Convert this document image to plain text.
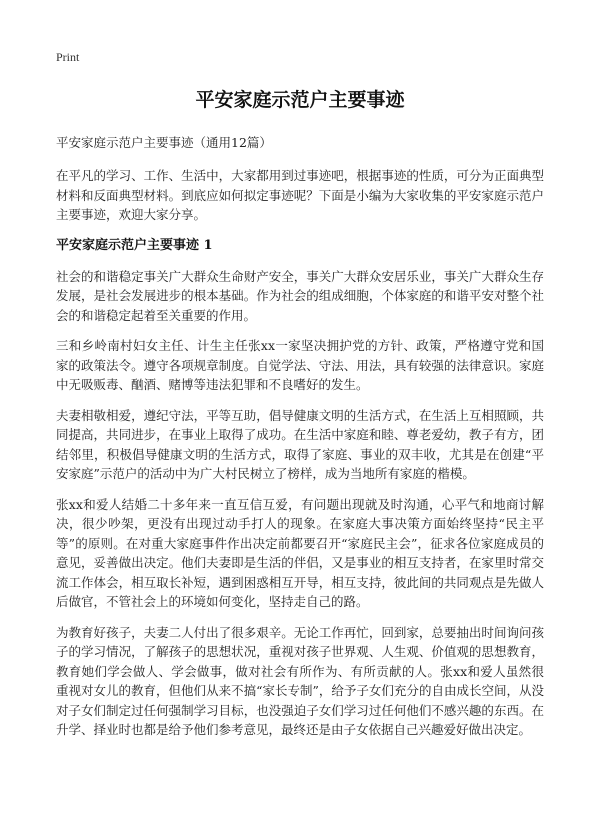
Print
平安家庭示范户主要事迹
平安家庭示范户主要事迹（通用12篇）

在平凡的学习、工作、生活中，大家都用到过事迹吧，根据事迹的性质，可分为正面典型材料和反面典型材料。到底应如何拟定事迹呢？下面是小编为大家收集的平安家庭示范户主要事迹，欢迎大家分享。

平安家庭示范户主要事迹 1

社会的和谐稳定事关广大群众生命财产安全，事关广大群众安居乐业，事关广大群众生存发展，是社会发展进步的根本基础。作为社会的组成细胞，个体家庭的和谐平安对整个社会的和谐稳定起着至关重要的作用。

三和乡岭南村妇女主任、计生主任张xx一家坚决拥护党的方针、政策，严格遵守党和国家的政策法令。遵守各项规章制度。自觉学法、守法、用法，具有较强的法律意识。家庭中无吸贩毒、酗酒、赌博等违法犯罪和不良嗜好的发生。

夫妻相敬相爱，遵纪守法，平等互助，倡导健康文明的生活方式，在生活上互相照顾，共同提高，共同进步，在事业上取得了成功。在生活中家庭和睦、尊老爱幼，教子有方，团结邻里，积极倡导健康文明的生活方式，取得了家庭、事业的双丰收，尤其是在创建“平安家庭”示范户的活动中为广大村民树立了榜样，成为当地所有家庭的楷模。

张xx和爱人结婚二十多年来一直互信互爱，有问题出现就及时沟通，心平气和地商讨解决，很少吵架，更没有出现过动手打人的现象。在家庭大事决策方面始终坚持“民主平等”的原则。在对重大家庭事件作出决定前都要召开“家庭民主会”，征求各位家庭成员的意见，妥善做出决定。他们夫妻即是生活的伴侣，又是事业的相互支持者，在家里时常交流工作体会，相互取长补短，遇到困惑相互开导，相互支持，彼此间的共同观点是先做人后做官，不管社会上的环境如何变化，坚持走自己的路。

为教育好孩子，夫妻二人付出了很多艰辛。无论工作再忙，回到家，总要抽出时间询问孩子的学习情况，了解孩子的思想状况，重视对孩子世界观、人生观、价值观的思想教育，教育她们学会做人、学会做事，做对社会有所作为、有所贡献的人。张xx和爱人虽然很重视对女儿的教育，但他们从来不搞“家长专制”，给予子女们充分的自由成长空间，从没对子女们制定过任何强制学习目标，也没强迫子女们学习过任何他们不感兴趣的东西。在升学、择业时也都是给予他们参考意见，最终还是由子女依据自己兴趣爱好做出决定。
